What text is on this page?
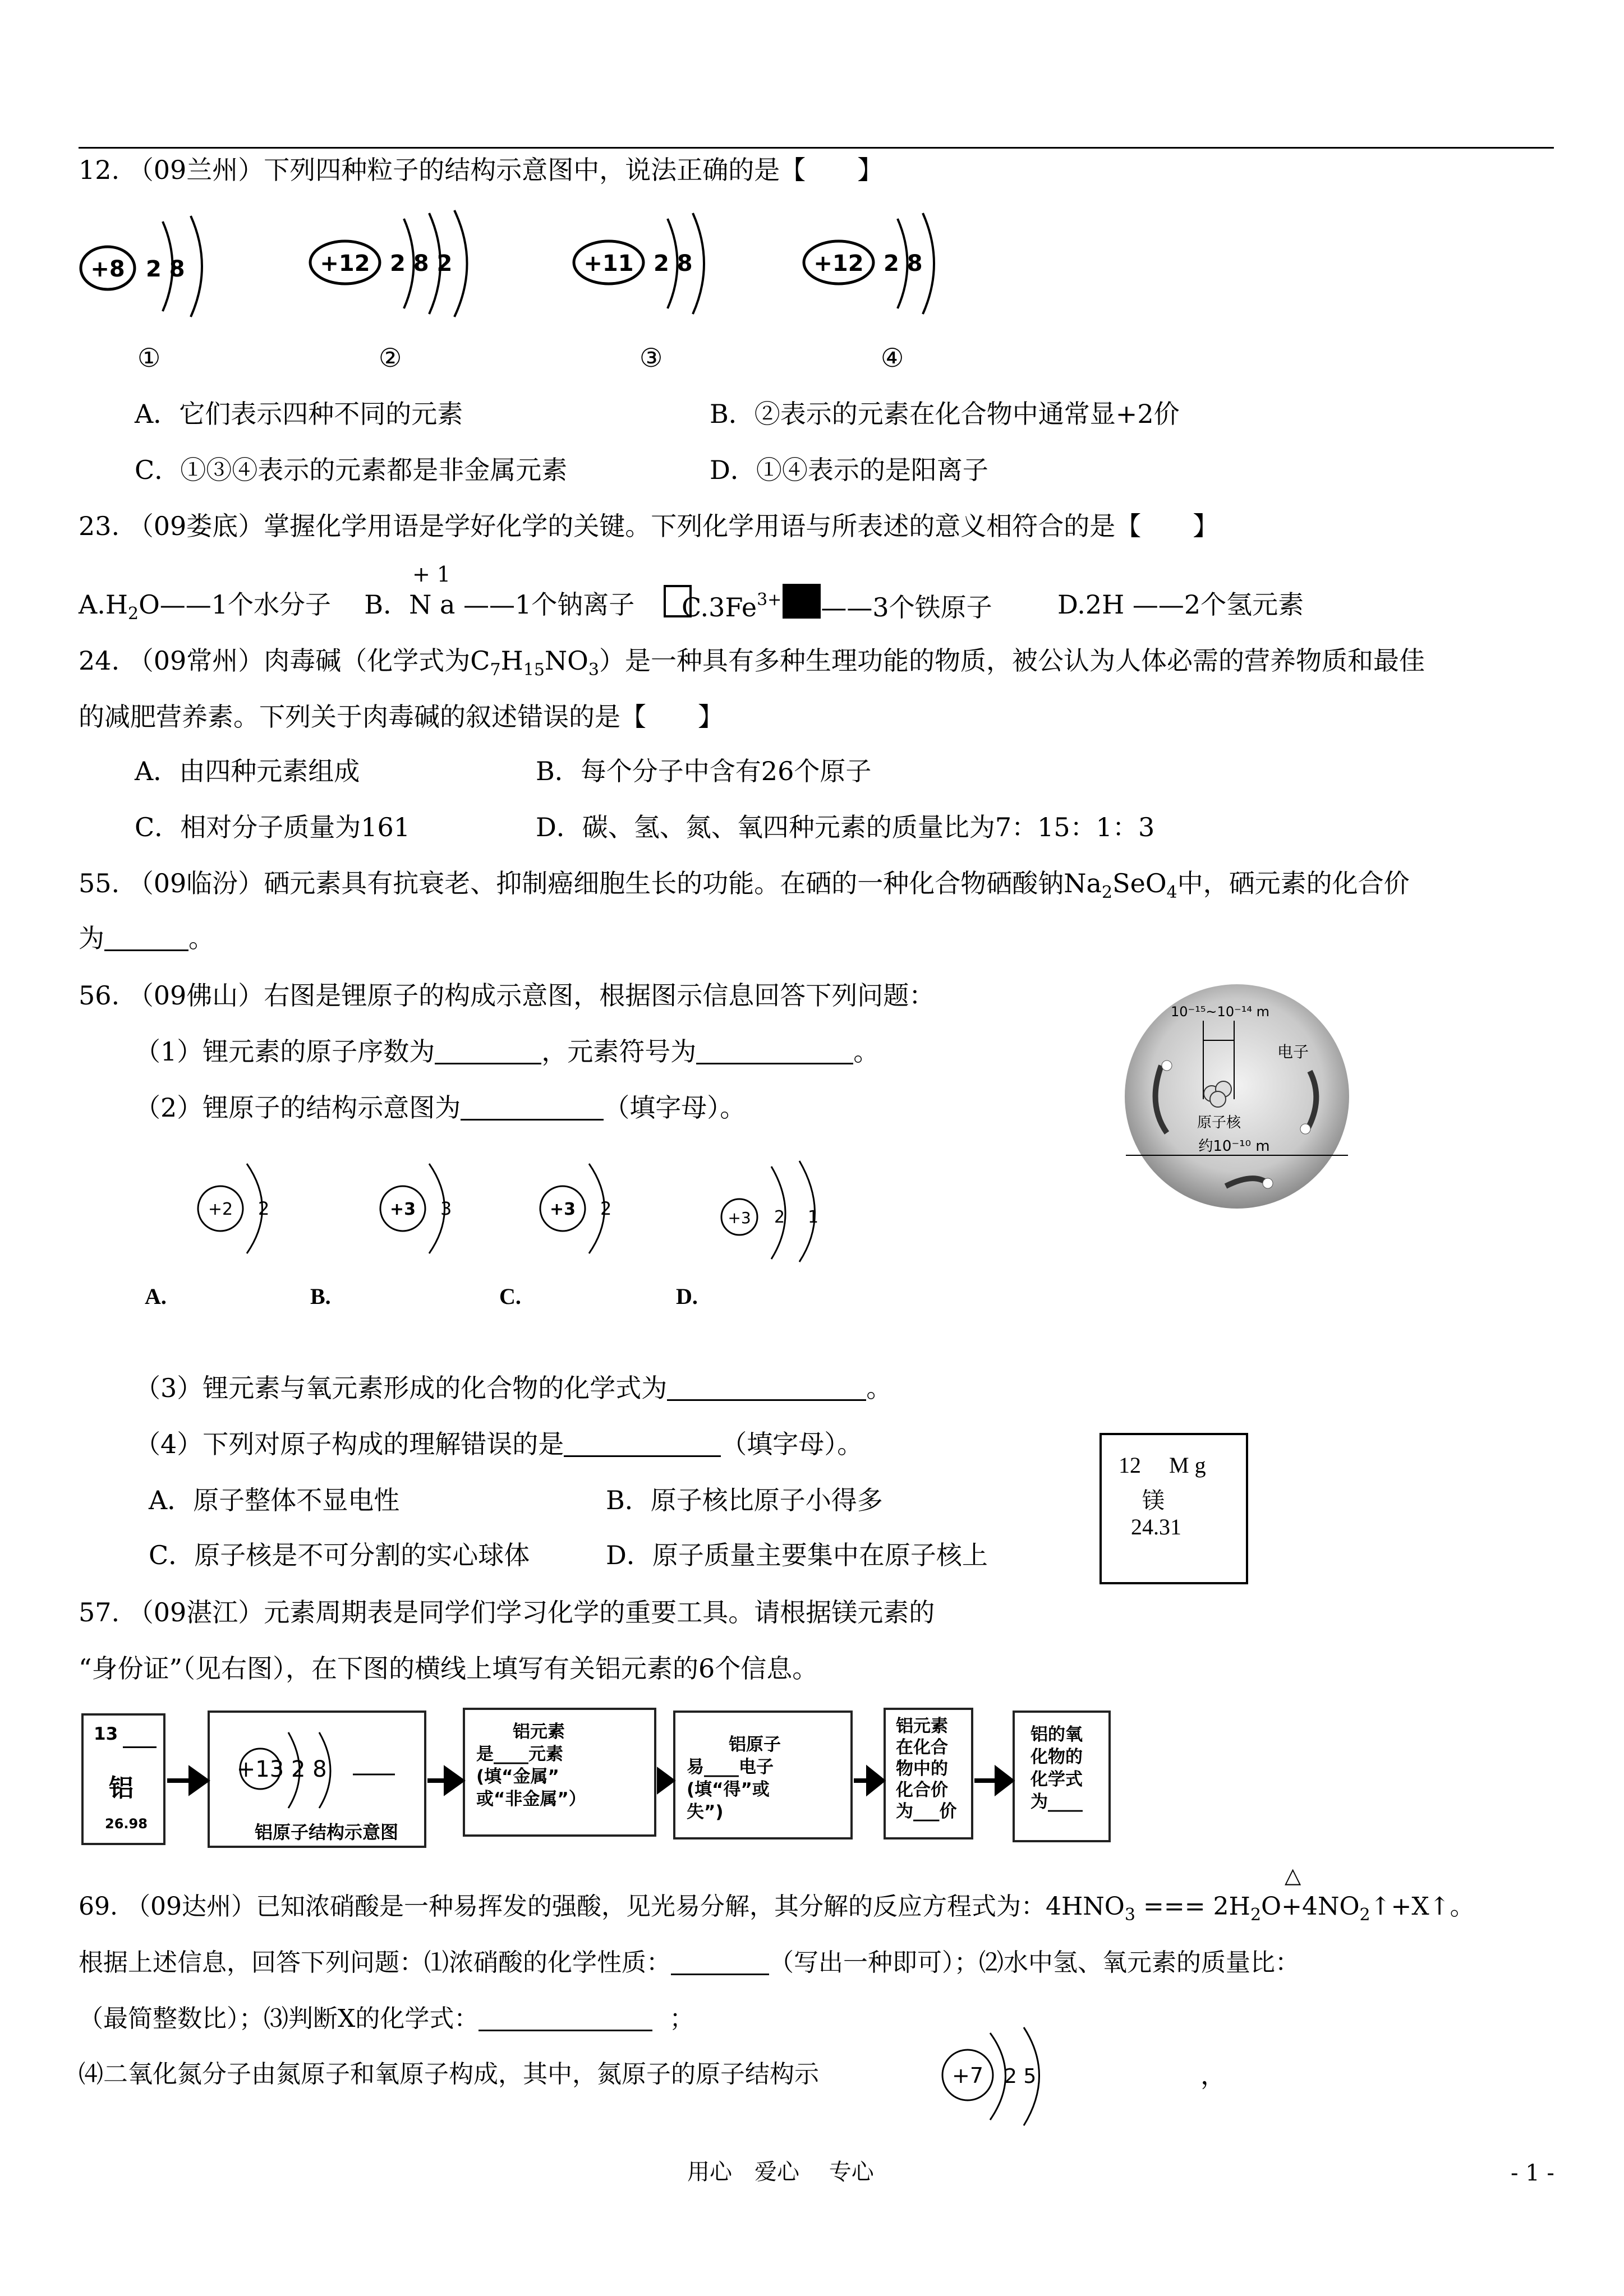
12. （09兰州）下列四种粒子的结构示意图中，说法正确的是【　　】
+8 2 8	+12 2 8 2	+11 2 8	+12 2 8
①	②	③	④
A．它们表示四种不同的元素	B．②表示的元素在化合物中通常显+2价
C．①③④表示的元素都是非金属元素	D．①④表示的是阳离子
23. （09娄底）掌握化学用语是学好化学的关键。下列化学用语与所表述的意义相符合的是【　　】
+ 1
$A.H_2O——1$个水分子 B．N a ——1个钠离子 $C.3Fe^{3+}$ ——3个铁原子	D.2H ——2个氢元素
24. （09常州）肉毒碱（化学式为$C_7H_{15}NO_3$）是一种具有多种生理功能的物质，被公认为人体必需的营养物质和最佳
的减肥营养素。下列关于肉毒碱的叙述错误的是【　　】
A．由四种元素组成	B．每个分子中含有26个原子
C．相对分子质量为161	D．碳、氢、氮、氧四种元素的质量比为7：15：1：3
55. （09临汾）硒元素具有抗衰老、抑制癌细胞生长的功能。在硒的一种化合物硒酸钠$Na_2SeO_4$中，硒元素的化合价
为	。
56. （09佛山）右图是锂原子的构成示意图，根据图示信息回答下列问题：
（1）锂元素的原子序数为	，元素符号为	。
（2）锂原子的结构示意图为	（填字母）。
10⁻¹⁵~10⁻¹⁴ m
电子
原子核
约10⁻¹⁰ m
+2 2	+3 3	+3 2	+3 2 1
A.	B.	C.	D.
（3）锂元素与氧元素形成的化合物的化学式为	。
（4）下列对原子构成的理解错误的是	（填字母）。
A．原子整体不显电性	B．原子核比原子小得多
C．原子核是不可分割的实心球体	D．原子质量主要集中在原子核上
12 M g
镁
24.31
57. （09湛江）元素周期表是同学们学习化学的重要工具。请根据镁元素的
“身份证”（见右图），在下图的横线上填写有关铝元素的6个信息。
13
铝
26.98
+13 2 8
铝原子结构示意图
铝元素
是____元素
(填“金属”
或“非金属”）
铝原子
易____电子
(填“得”或
失”)
铝元素
在化合
物中的
化合价
为___价
铝的氧
化物的
化学式
为____
△
69. （09达州）已知浓硝酸是一种易挥发的强酸，见光易分解，其分解的反应方程式为：$4HNO_3$ === $2H_2O+4NO_2↑+X↑$。
根据上述信息，回答下列问题：⑴浓硝酸的化学性质：	（写出一种即可）；⑵水中氢、氧元素的质量比：
（最简整数比）；⑶判断X的化学式：	；
⑷二氧化氮分子由氮原子和氧原子构成，其中，氮原子的原子结构示	+7 2 5	，
用心　爱心　 专心	- 1 -
